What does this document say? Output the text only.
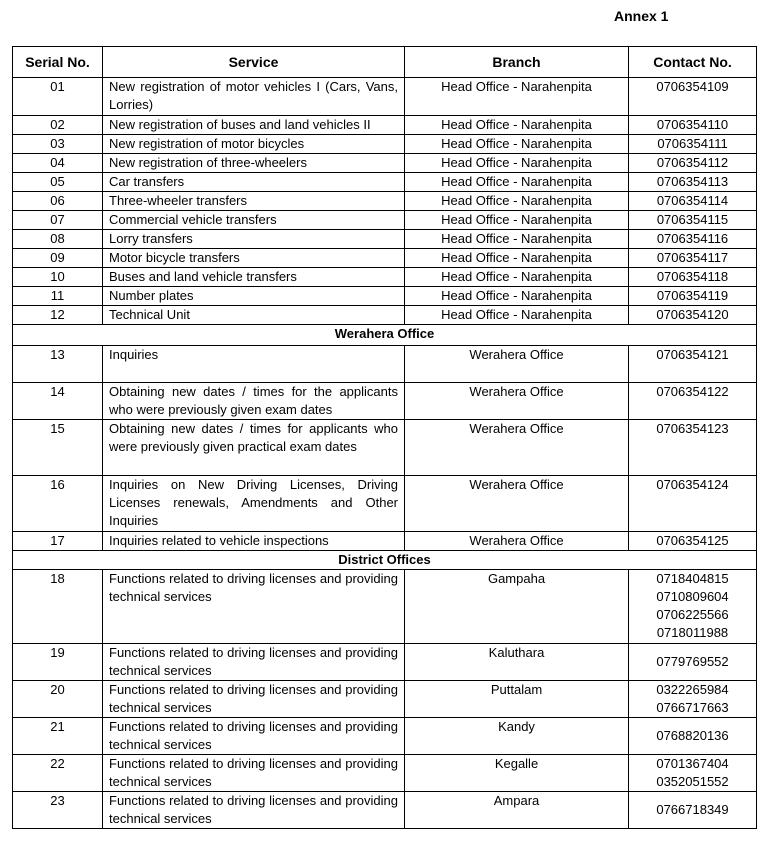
Annex 1
Serial No.	Service	Branch	Contact No.
01	New registration of motor vehicles I (Cars, Vans, Lorries)	Head Office - Narahenpita	0706354109

02	New registration of buses and land vehicles II	Head Office - Narahenpita	0706354110

03	New registration of motor bicycles	Head Office - Narahenpita	0706354111

04	New registration of three-wheelers	Head Office - Narahenpita	0706354112

05	Car transfers	Head Office - Narahenpita	0706354113

06	Three-wheeler transfers	Head Office - Narahenpita	0706354114

07	Commercial vehicle transfers	Head Office - Narahenpita	0706354115

08	Lorry transfers	Head Office - Narahenpita	0706354116

09	Motor bicycle transfers	Head Office - Narahenpita	0706354117

10	Buses and land vehicle transfers	Head Office - Narahenpita	0706354118

11	Number plates	Head Office - Narahenpita	0706354119

12	Technical Unit	Head Office - Narahenpita	0706354120

Werahera Office			
13	Inquiries	Werahera Office	0706354121

14	Obtaining new dates / times for the applicants who were previously given exam dates	Werahera Office	0706354122

15	Obtaining new dates / times for applicants who were previously given practical exam dates	Werahera Office	0706354123

16	Inquiries on New Driving Licenses, Driving Licenses renewals, Amendments and Other Inquiries	Werahera Office	0706354124

17	Inquiries related to vehicle inspections	Werahera Office	0706354125

District Offices			
18	Functions related to driving licenses and providing technical services	Gampaha	0718404815
0710809604
0706225566
0718011988

19	Functions related to driving licenses and providing technical services	Kaluthara	0779769552

20	Functions related to driving licenses and providing technical services	Puttalam	0322265984
0766717663

21	Functions related to driving licenses and providing technical services	Kandy	0768820136

22	Functions related to driving licenses and providing technical services	Kegalle	0701367404
0352051552

23	Functions related to driving licenses and providing technical services	Ampara	0766718349
